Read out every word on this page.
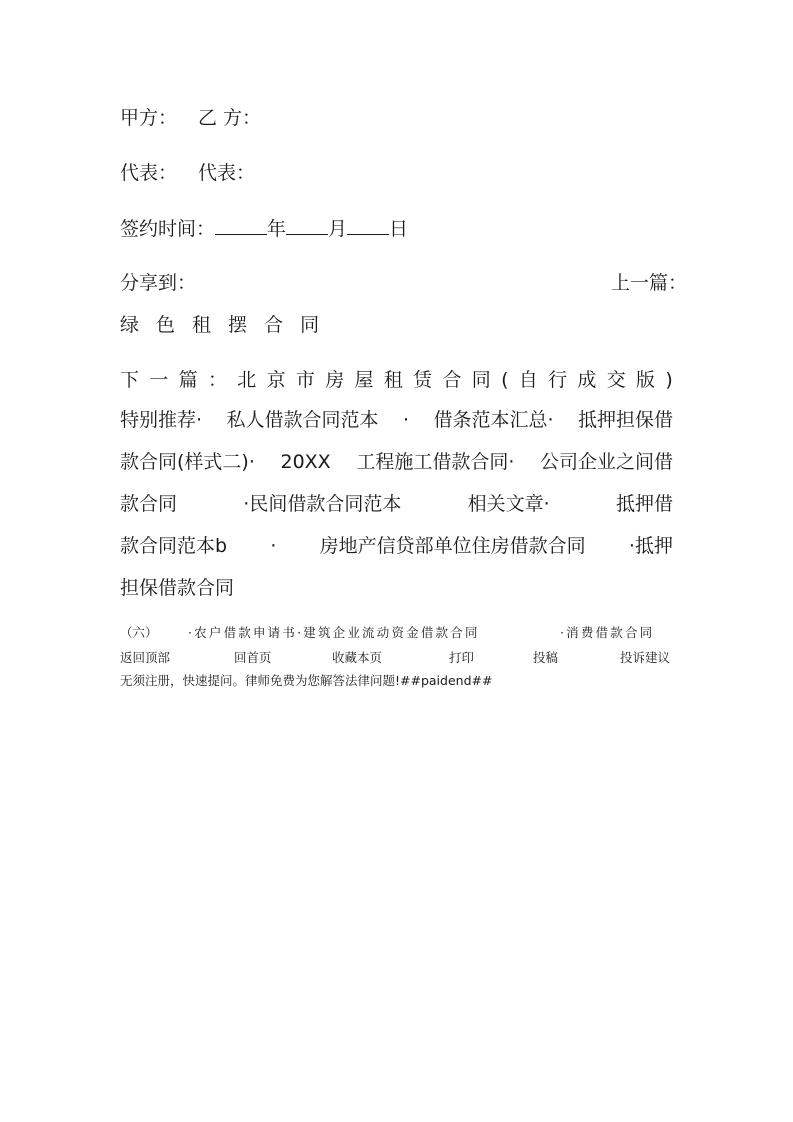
甲方： 乙 方：
代表： 代表：
签约时间：	年 月 日
分享到：	上一篇：
绿色租摆合同
下 一 篇 ： 北 京 市 房 屋 租 赁 合 同 ( 自 行 成 交 版 )
特别推荐· 私人借款合同范本 · 借条范本汇总· 抵押担保借
款合同(样式二)· 20XX 工程施工借款合同· 公司企业之间借
款合同	·民间借款合同范本	相关文章·	抵押借
款合同范本b · 房地产信贷部单位住房借款合同 ·抵押
担保借款合同
（六） ·农户借款申请书·建筑企业流动资金借款合同	·消费借款合同
返回顶部	回首页	收藏本页	打印	投稿	投诉建议
无须注册，快速提问。律师免费为您解答法律问题!##paidend##
